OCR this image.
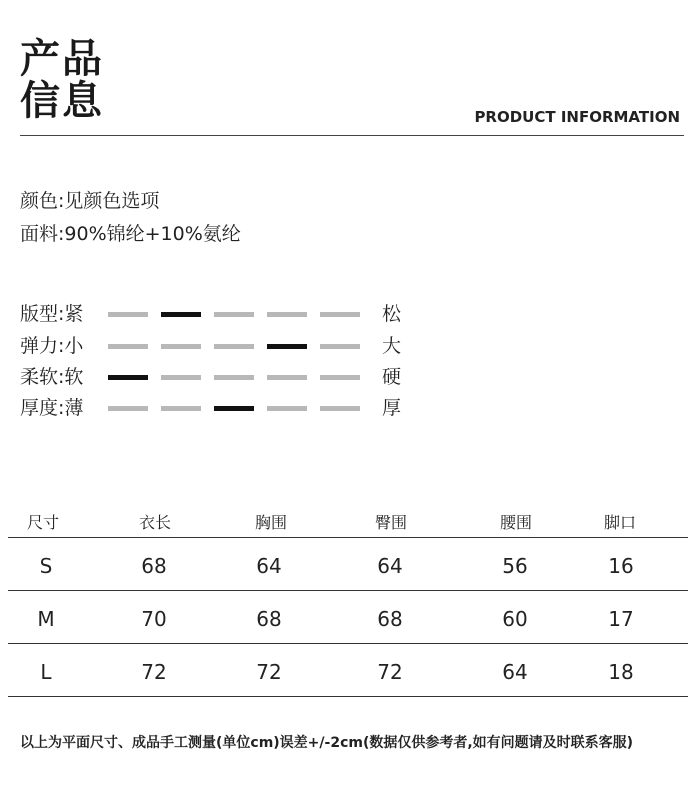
产品
信息	PRODUCT INFORMATION
颜色:见颜色选项
面料:90%锦纶+10%氨纶
版型:紧	松
弹力:小	大
柔软:软	硬
厚度:薄	厚
尺寸	衣长	胸围	臀围	腰围	脚口
S	68	64	64	56	16
M	70	68	68	60	17
L	72	72	72	64	18
以上为平面尺寸、成品手工测量(单位cm)误差+/-2cm(数据仅供参考者,如有问题请及时联系客服)
